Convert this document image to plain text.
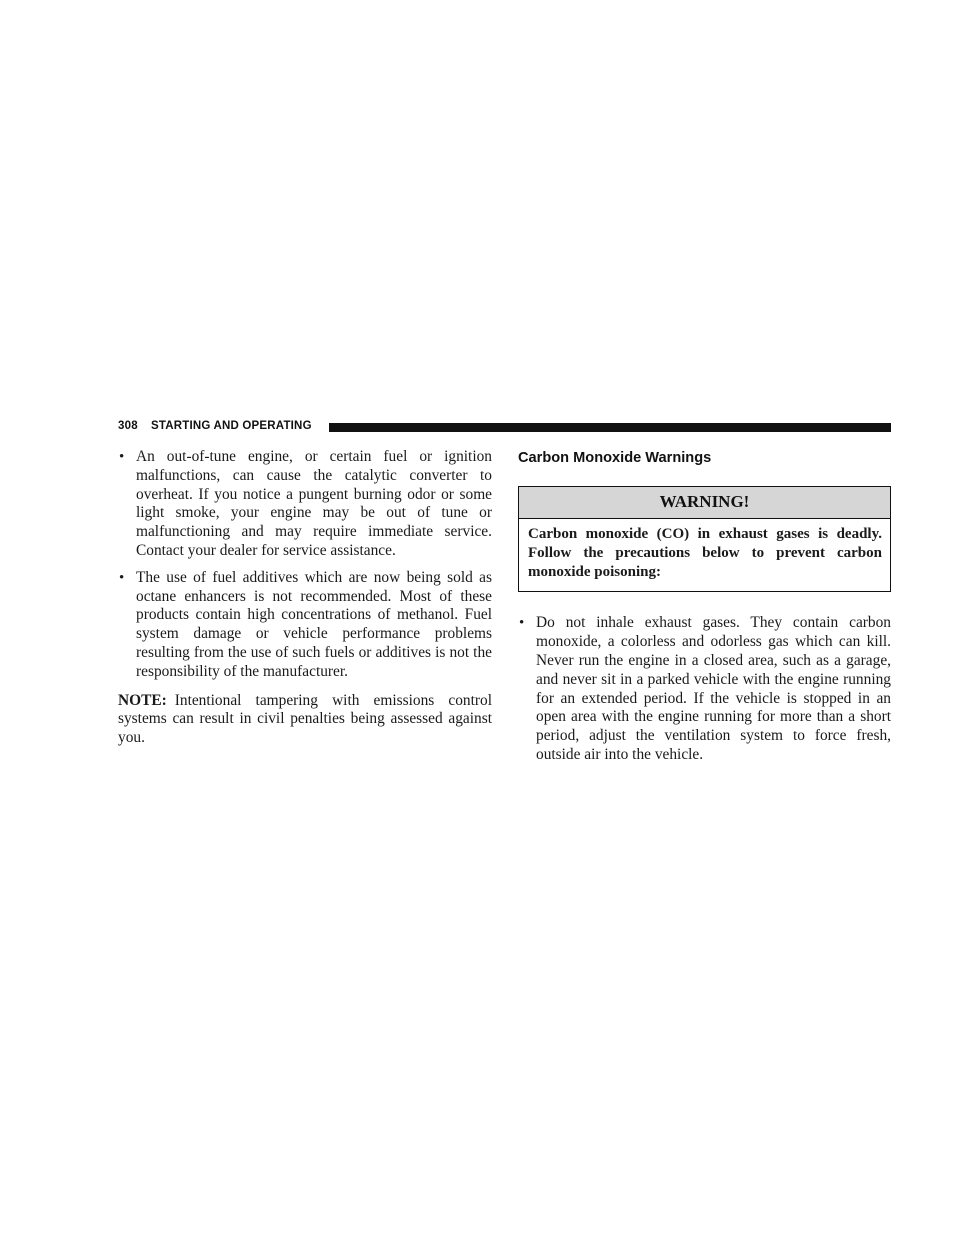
308 STARTING AND OPERATING
• An out-of-tune engine, or certain fuel or ignition malfunctions, can cause the catalytic converter to overheat. If you notice a pungent burning odor or some light smoke, your engine may be out of tune or malfunctioning and may require immediate service. Contact your dealer for service assistance.

• The use of fuel additives which are now being sold as octane enhancers is not recommended. Most of these products contain high concentrations of methanol. Fuel system damage or vehicle performance problems resulting from the use of such fuels or additives is not the responsibility of the manufacturer.

NOTE: Intentional tampering with emissions control systems can result in civil penalties being assessed against you.

Carbon Monoxide Warnings
WARNING!
Carbon monoxide (CO) in exhaust gases is deadly. Follow the precautions below to prevent carbon monoxide poisoning:
• Do not inhale exhaust gases. They contain carbon monoxide, a colorless and odorless gas which can kill. Never run the engine in a closed area, such as a garage, and never sit in a parked vehicle with the engine running for an extended period. If the vehicle is stopped in an open area with the engine running for more than a short period, adjust the ventilation system to force fresh, outside air into the vehicle.
